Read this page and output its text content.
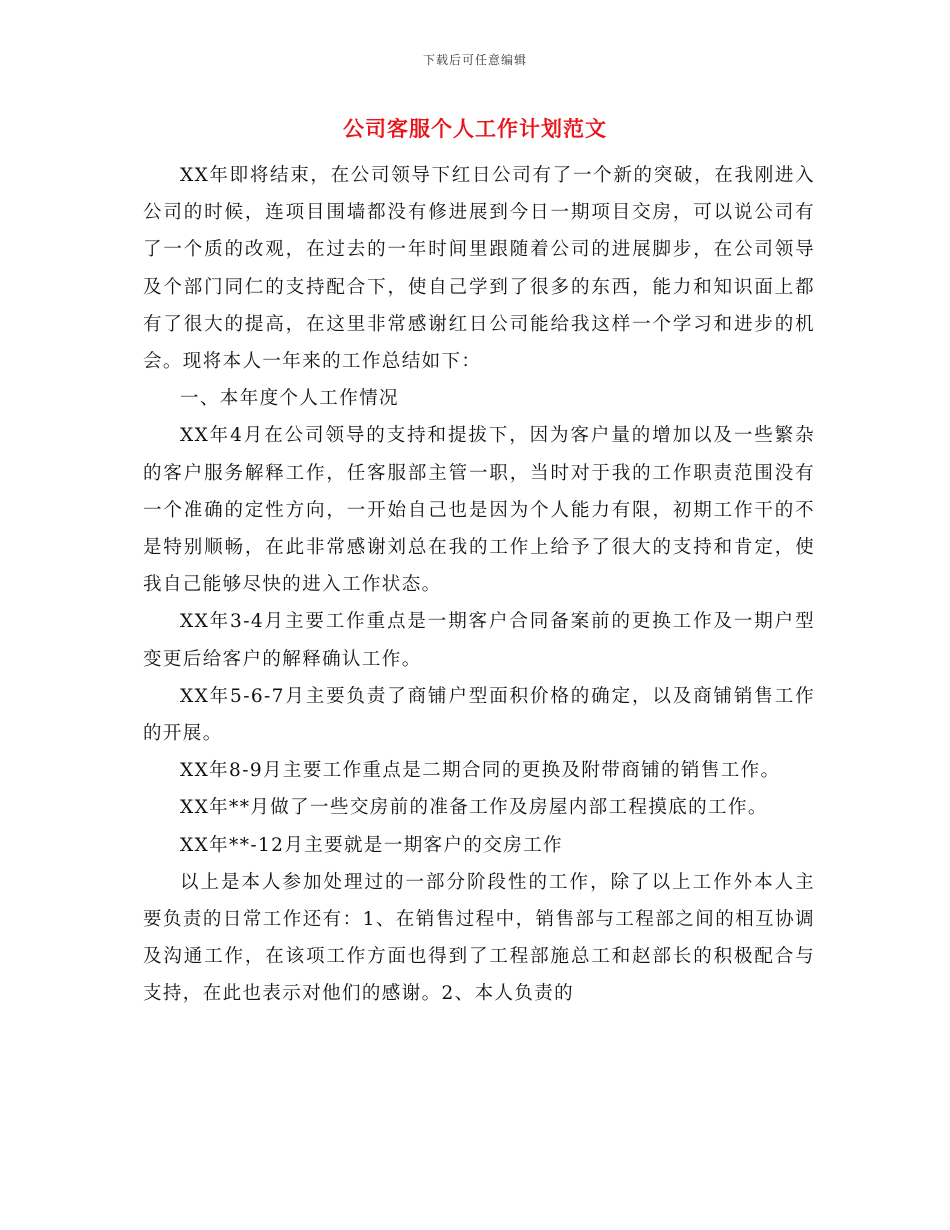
下载后可任意编辑
公司客服个人工作计划范文

XX年即将结束，在公司领导下红日公司有了一个新的突破，在我刚进入公司的时候，连项目围墙都没有修进展到今日一期项目交房，可以说公司有了一个质的改观，在过去的一年时间里跟随着公司的进展脚步，在公司领导及个部门同仁的支持配合下，使自己学到了很多的东西，能力和知识面上都有了很大的提高，在这里非常感谢红日公司能给我这样一个学习和进步的机会。现将本人一年来的工作总结如下：

一、本年度个人工作情况

XX年4月在公司领导的支持和提拔下，因为客户量的增加以及一些繁杂的客户服务解释工作，任客服部主管一职，当时对于我的工作职责范围没有一个准确的定性方向，一开始自己也是因为个人能力有限，初期工作干的不是特别顺畅，在此非常感谢刘总在我的工作上给予了很大的支持和肯定，使我自己能够尽快的进入工作状态。

XX年3-4月主要工作重点是一期客户合同备案前的更换工作及一期户型变更后给客户的解释确认工作。

XX年5-6-7月主要负责了商铺户型面积价格的确定，以及商铺销售工作的开展。

XX年8-9月主要工作重点是二期合同的更换及附带商铺的销售工作。

XX年**月做了一些交房前的准备工作及房屋内部工程摸底的工作。

XX年**-12月主要就是一期客户的交房工作

以上是本人参加处理过的一部分阶段性的工作，除了以上工作外本人主要负责的日常工作还有：1、在销售过程中，销售部与工程部之间的相互协调及沟通工作，在该项工作方面也得到了工程部施总工和赵部长的积极配合与支持，在此也表示对他们的感谢。2、本人负责的
